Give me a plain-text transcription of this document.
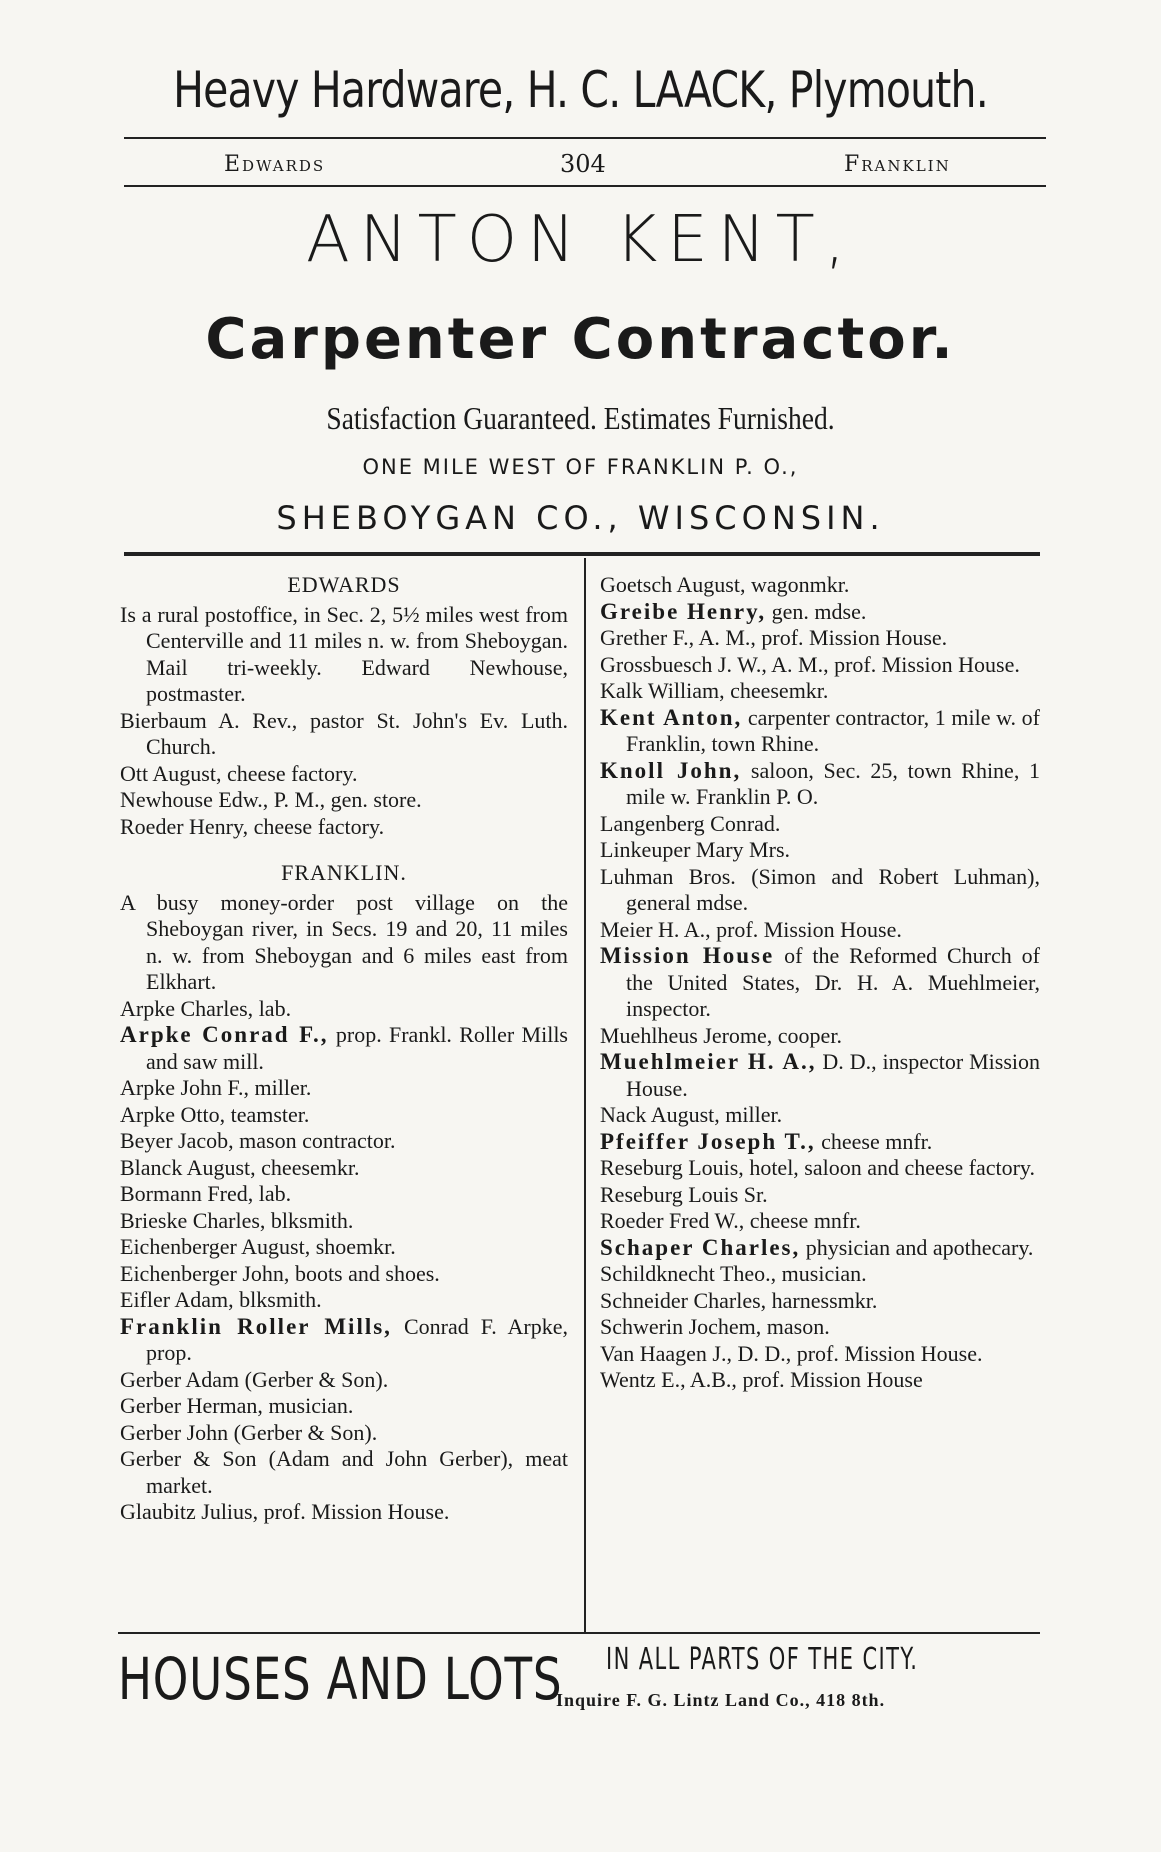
Heavy Hardware, H. C. LAACK, Plymouth.
Edwards	304	Franklin
ANTON KENT,
Carpenter Contractor.
Satisfaction Guaranteed. Estimates Furnished.
ONE MILE WEST OF FRANKLIN P. O.,
SHEBOYGAN CO., WISCONSIN.
EDWARDS

Is a rural postoffice, in Sec. 2, 5½ miles west from Centerville and 11 miles n. w. from Sheboygan. Mail tri-weekly. Edward Newhouse, postmaster.

Bierbaum A. Rev., pastor St. John's Ev. Luth. Church.

Ott August, cheese factory.

Newhouse Edw., P. M., gen. store.

Roeder Henry, cheese factory.

FRANKLIN.

A busy money-order post village on the Sheboygan river, in Secs. 19 and 20, 11 miles n. w. from Sheboygan and 6 miles east from Elkhart.

Arpke Charles, lab.

Arpke Conrad F., prop. Frankl. Roller Mills and saw mill.

Arpke John F., miller.

Arpke Otto, teamster.

Beyer Jacob, mason contractor.

Blanck August, cheesemkr.

Bormann Fred, lab.

Brieske Charles, blksmith.

Eichenberger August, shoemkr.

Eichenberger John, boots and shoes.

Eifler Adam, blksmith.

Franklin Roller Mills, Conrad F. Arpke, prop.

Gerber Adam (Gerber & Son).

Gerber Herman, musician.

Gerber John (Gerber & Son).

Gerber & Son (Adam and John Gerber), meat market.

Glaubitz Julius, prof. Mission House.

Goetsch August, wagonmkr.

Greibe Henry, gen. mdse.

Grether F., A. M., prof. Mission House.

Grossbuesch J. W., A. M., prof. Mission House.

Kalk William, cheesemkr.

Kent Anton, carpenter contractor, 1 mile w. of Franklin, town Rhine.

Knoll John, saloon, Sec. 25, town Rhine, 1 mile w. Franklin P. O.

Langenberg Conrad.

Linkeuper Mary Mrs.

Luhman Bros. (Simon and Robert Luhman), general mdse.

Meier H. A., prof. Mission House.

Mission House of the Reformed Church of the United States, Dr. H. A. Muehlmeier, inspector.

Muehlheus Jerome, cooper.

Muehlmeier H. A., D. D., inspector Mission House.

Nack August, miller.

Pfeiffer Joseph T., cheese mnfr.

Reseburg Louis, hotel, saloon and cheese factory.

Reseburg Louis Sr.

Roeder Fred W., cheese mnfr.

Schaper Charles, physician and apothecary.

Schildknecht Theo., musician.

Schneider Charles, harnessmkr.

Schwerin Jochem, mason.

Van Haagen J., D. D., prof. Mission House.

Wentz E., A.B., prof. Mission House

HOUSES AND LOTS IN ALL PARTS OF THE CITY.
Inquire F. G. Lintz Land Co., 418 8th.
